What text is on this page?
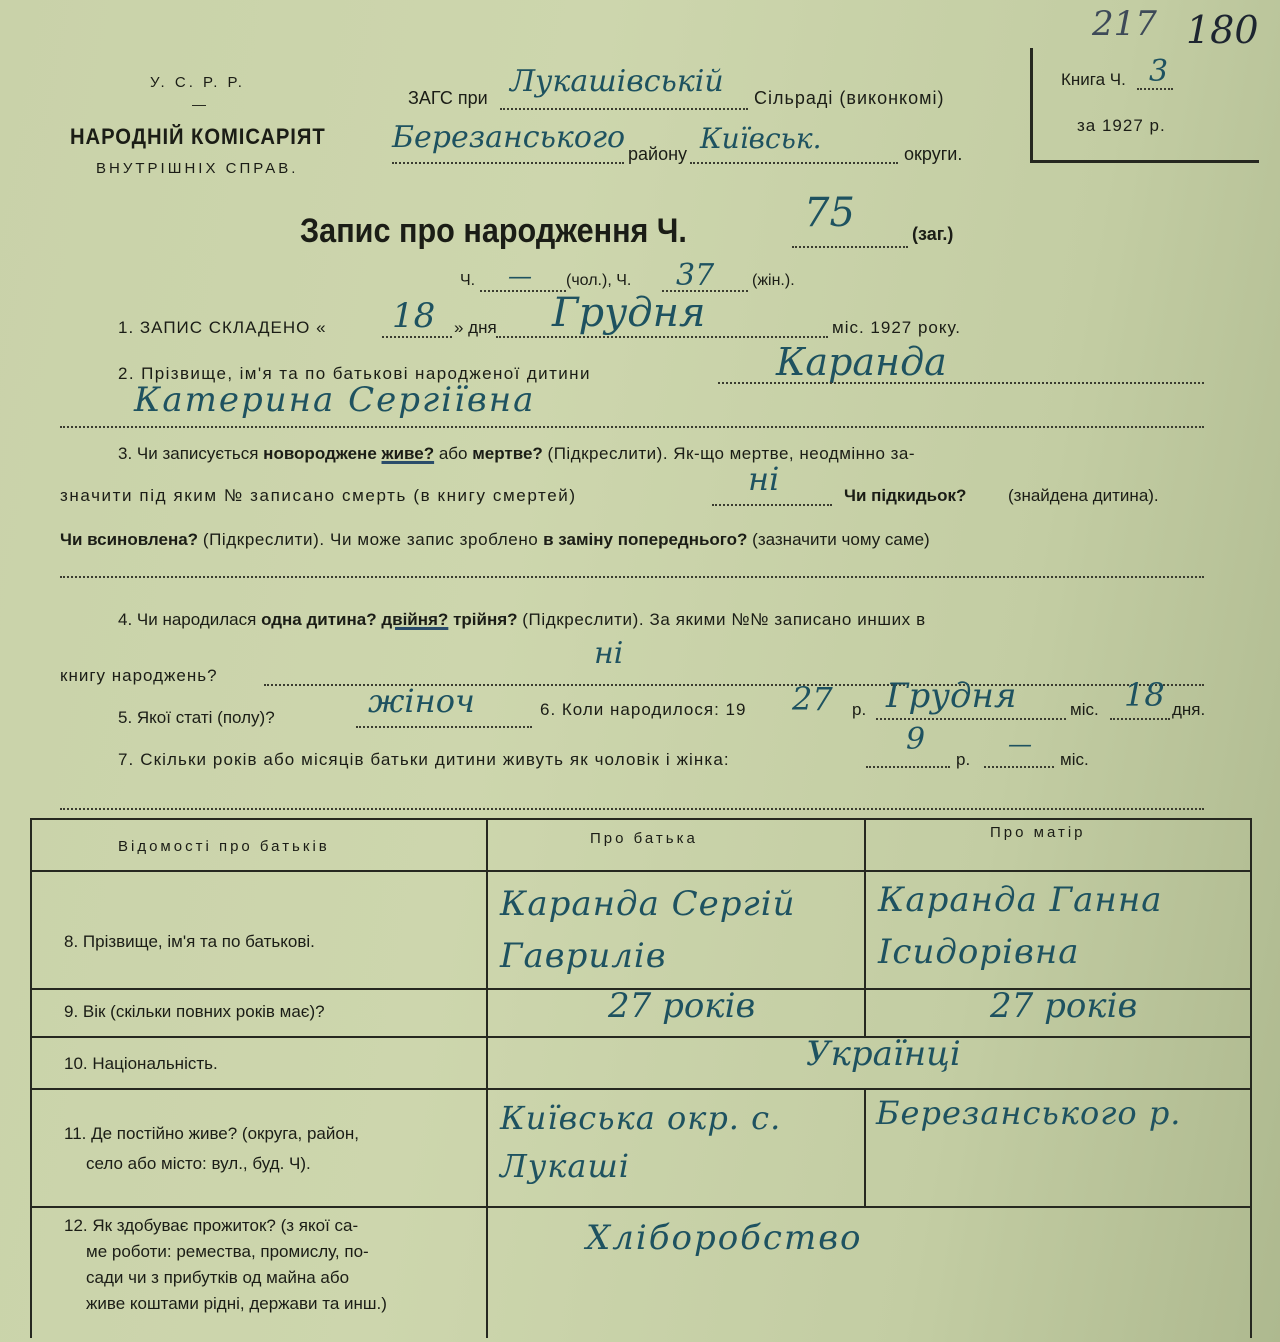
217 180
У. С. Р. Р.
—
НАРОДНІЙ КОМІСАРІЯТ
ВНУТРІШНІХ СПРАВ.
ЗАГС при Лукашівській Сільраді (виконкомі)
Березанського району Київськ.	округи.
Книга Ч. 3
за 1927 р.
Запис про народження Ч.	75	(заг.)
Ч. — (чол.), Ч. 37 (жін.).
1. ЗАПИС СКЛАДЕНО « 18 » дня Грудня	міс. 1927 року.
2. Прізвище, ім'я та по батькові народженої дитини	Каранда
Катерина Сергіївна
3. Чи записується новороджене живе? або мертве? (Підкреслити). Як-що мертве, неодмінно за-
значити під яким № записано смерть (в книгу смертей)	ні	Чи підкидьок? (знайдена дитина).
Чи всиновлена? (Підкреслити). Чи може запис зроблено в заміну попереднього? (зазначити чому саме)
4. Чи народилася одна дитина? двійня? трійня? (Підкреслити). За якими №№ записано инших в
книгу народжень?
ні
5. Якої статі (полу)?	жіноч	6. Коли народилося: 19 27 р. Грудня	міс. 18 дня.
7. Скільки років або місяців батьки дитини живуть як чоловік і жінка:
9
р.
—
міс.
Відомості про батьків	Про батька	Про матір
8. Прізвище, ім'я та по батькові.
Каранда Сергій Гаврилів
Каранда Ганна Ісидорівна
9. Вік (скільки повних років має)?	27 років	27 років
10. Національність.	Українці
11. Де постійно живе? (округа, район,
село або місто: вул., буд. Ч).
Київська окр. с. Лукаші
Березанського р.
12. Як здобуває прожиток? (з якої са-
ме роботи: ремества, промислу, по-
сади чи з прибутків од майна або
живе коштами рідні, держави та инш.)
Хліборобство
